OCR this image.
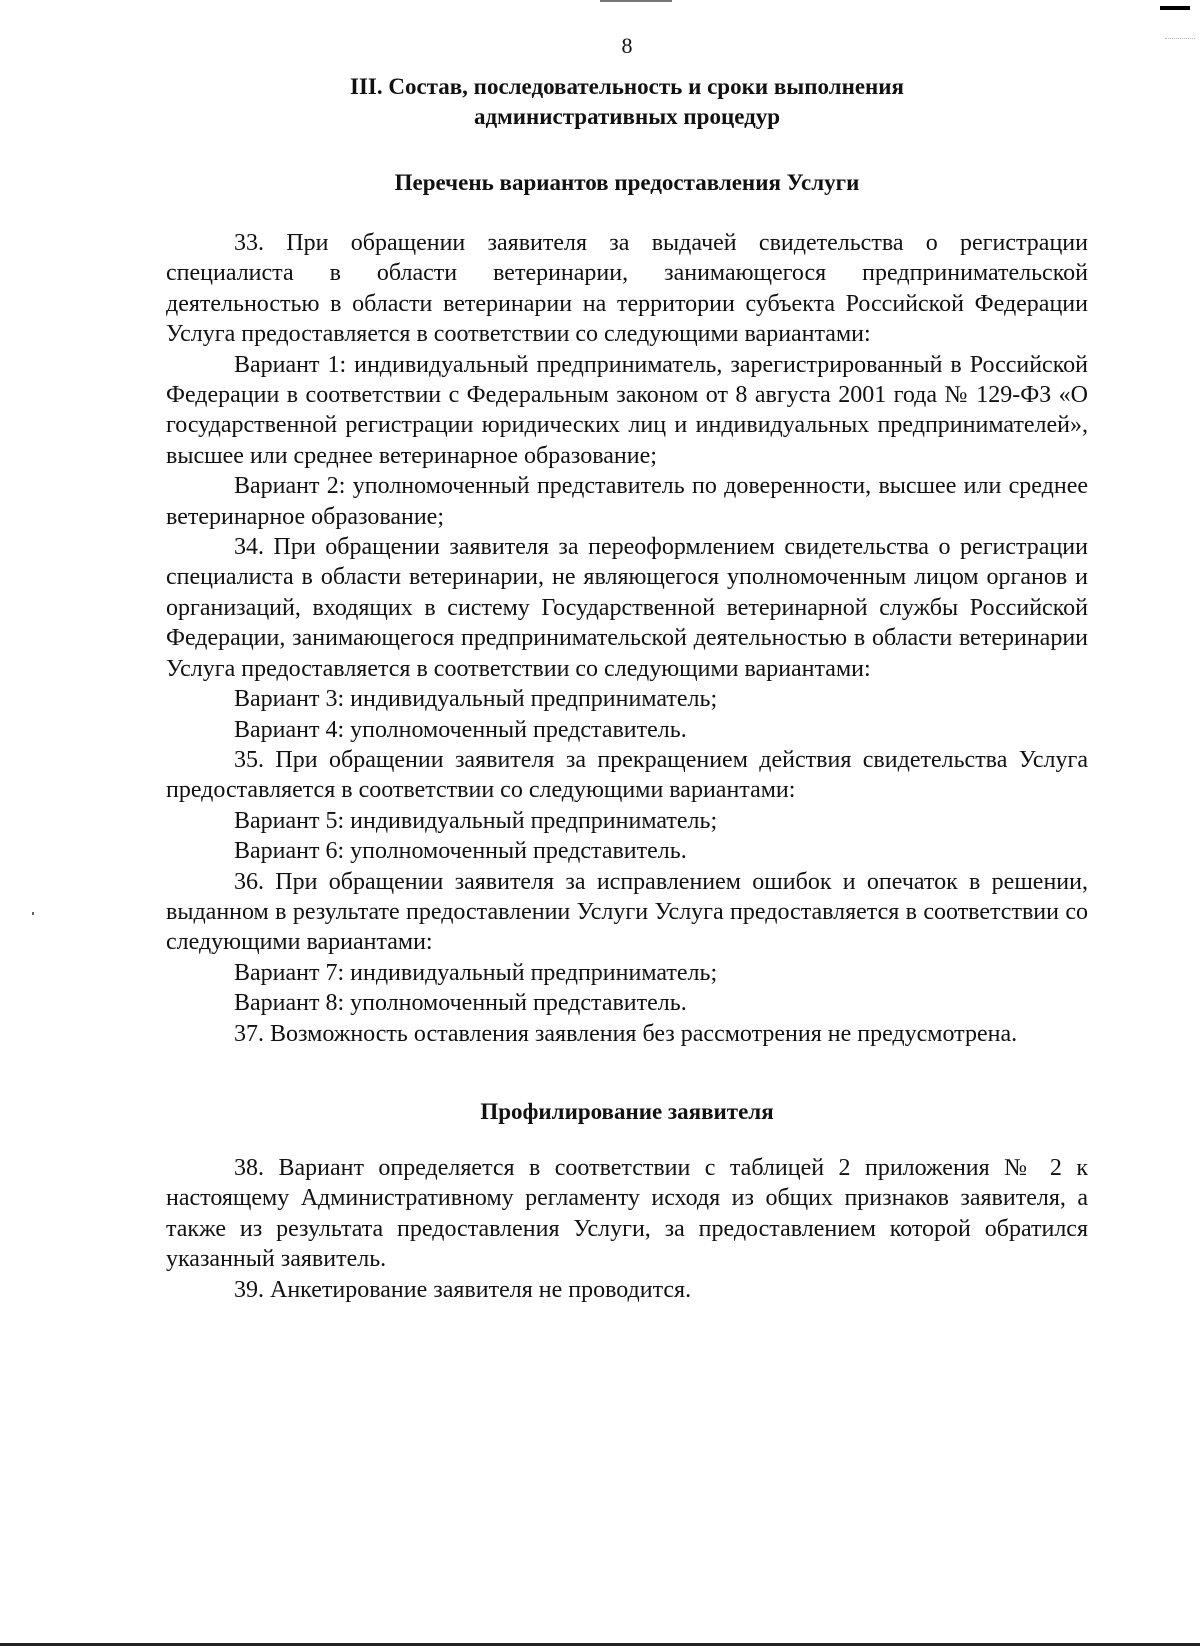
8

III. Состав, последовательность и сроки выполнения

административных процедур

Перечень вариантов предоставления Услуги

33. При обращении заявителя за выдачей свидетельства о регистрации специалиста в области ветеринарии, занимающегося предпринимательской деятельностью в области ветеринарии на территории субъекта Российской Федерации Услуга предоставляется в соответствии со следующими вариантами:

Вариант 1: индивидуальный предприниматель, зарегистрированный в Российской Федерации в соответствии с Федеральным законом от 8 августа 2001 года № 129-ФЗ «О государственной регистрации юридических лиц и индивидуальных предпринимателей», высшее или среднее ветеринарное образование;

Вариант 2: уполномоченный представитель по доверенности, высшее или среднее ветеринарное образование;

34. При обращении заявителя за переоформлением свидетельства о регистрации специалиста в области ветеринарии, не являющегося уполномоченным лицом органов и организаций, входящих в систему Государственной ветеринарной службы Российской Федерации, занимающегося предпринимательской деятельностью в области ветеринарии Услуга предоставляется в соответствии со следующими вариантами:

Вариант 3: индивидуальный предприниматель;

Вариант 4: уполномоченный представитель.

35. При обращении заявителя за прекращением действия свидетельства Услуга предоставляется в соответствии со следующими вариантами:

Вариант 5: индивидуальный предприниматель;

Вариант 6: уполномоченный представитель.

36. При обращении заявителя за исправлением ошибок и опечаток в решении, выданном в результате предоставлении Услуги Услуга предоставляется в соответствии со следующими вариантами:

Вариант 7: индивидуальный предприниматель;

Вариант 8: уполномоченный представитель.

37. Возможность оставления заявления без рассмотрения не предусмотрена.

Профилирование заявителя

38. Вариант определяется в соответствии с таблицей 2 приложения № 2 к настоящему Административному регламенту исходя из общих признаков заявителя, а также из результата предоставления Услуги, за предоставлением которой обратился указанный заявитель.

39. Анкетирование заявителя не проводится.
